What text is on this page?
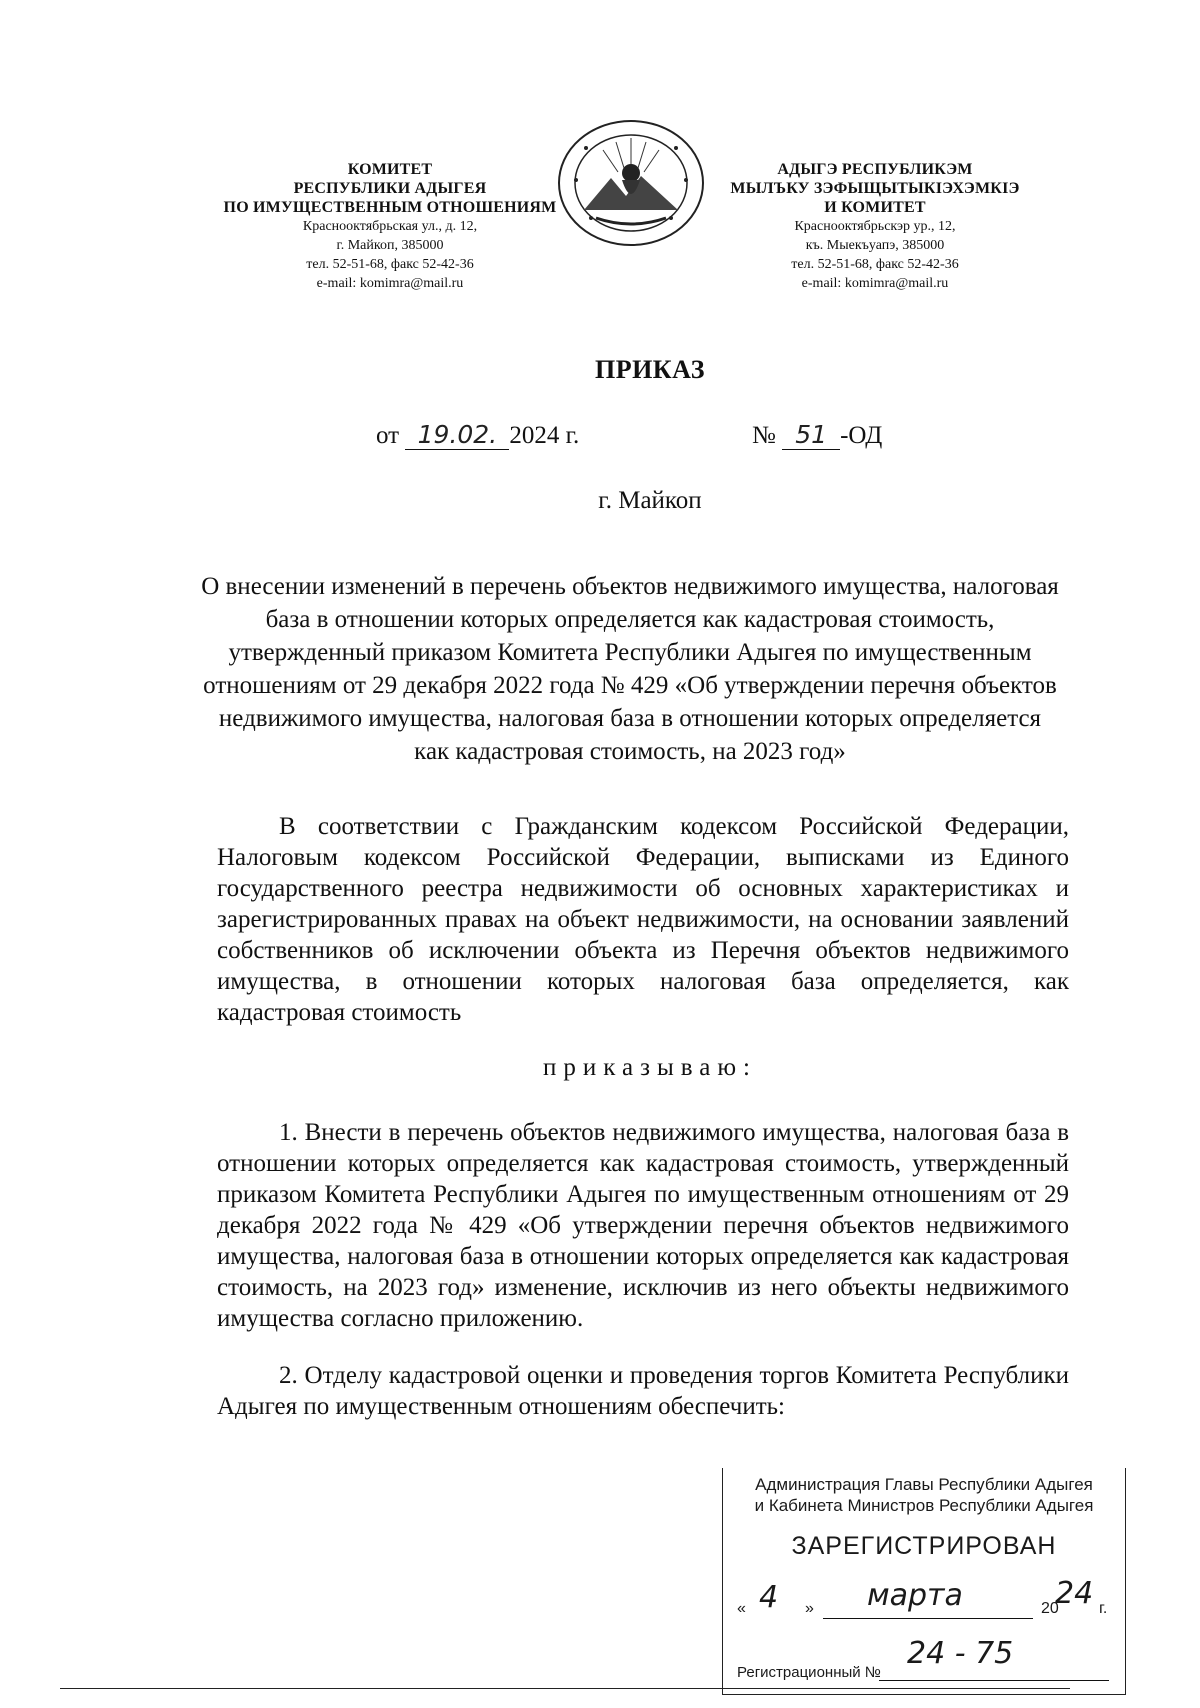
КОМИТЕТ
РЕСПУБЛИКИ АДЫГЕЯ
ПО ИМУЩЕСТВЕННЫМ ОТНОШЕНИЯМ
Краснооктябрьская ул., д. 12,
г. Майкоп, 385000
тел. 52-51-68, факс 52-42-36
e-mail: komimra@mail.ru
АДЫГЭ РЕСПУБЛИКЭМ
МЫЛЪКУ ЗЭФЫЩЫТЫКIЭХЭМКIЭ
И КОМИТЕТ
Краснооктябрьскэр ур., 12,
къ. Мыекъуапэ, 385000
тел. 52-51-68, факс 52-42-36
e-mail: komimra@mail.ru
ПРИКАЗ
от 19.02. 2024 г.	№ 51 -ОД
г. Майкоп
О внесении изменений в перечень объектов недвижимого имущества, налоговая база в отношении которых определяется как кадастровая стоимость, утвержденный приказом Комитета Республики Адыгея по имущественным отношениям от 29 декабря 2022 года № 429 «Об утверждении перечня объектов недвижимого имущества, налоговая база в отношении которых определяется как кадастровая стоимость, на 2023 год»
В соответствии с Гражданским кодексом Российской Федерации, Налоговым кодексом Российской Федерации, выписками из Единого государственного реестра недвижимости об основных характеристиках и зарегистрированных правах на объект недвижимости, на основании заявлений собственников об исключении объекта из Перечня объектов недвижимого имущества, в отношении которых налоговая база определяется, как кадастровая стоимость
приказываю:
1. Внести в перечень объектов недвижимого имущества, налоговая база в отношении которых определяется как кадастровая стоимость, утвержденный приказом Комитета Республики Адыгея по имущественным отношениям от 29 декабря 2022 года № 429 «Об утверждении перечня объектов недвижимого имущества, налоговая база в отношении которых определяется как кадастровая стоимость, на 2023 год» изменение, исключив из него объекты недвижимого имущества согласно приложению.
2. Отделу кадастровой оценки и проведения торгов Комитета Республики Адыгея по имущественным отношениям обеспечить:
Администрация Главы Республики Адыгея
и Кабинета Министров Республики Адыгея
ЗАРЕГИСТРИРОВАН
« 4 » марта	20
24 г.
Регистрационный №
24 - 75
